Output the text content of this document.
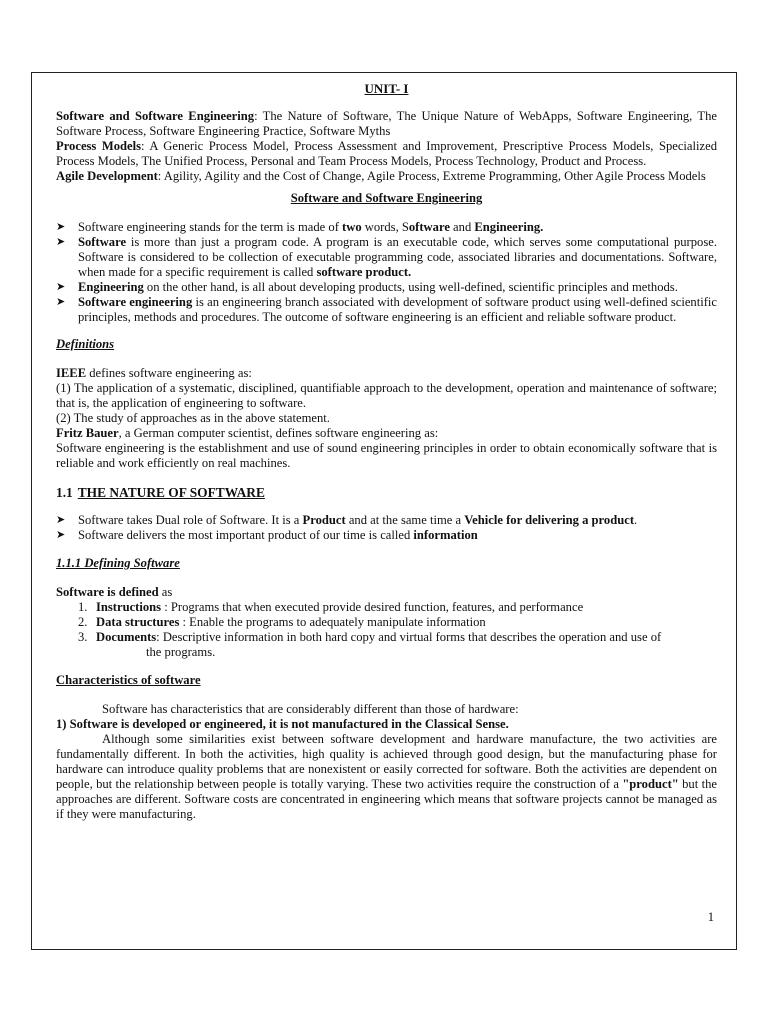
UNIT- I

Software and Software Engineering: The Nature of Software, The Unique Nature of WebApps, Software Engineering, The Software Process, Software Engineering Practice, Software Myths

Process Models: A Generic Process Model, Process Assessment and Improvement, Prescriptive Process Models, Specialized Process Models, The Unified Process, Personal and Team Process Models, Process Technology, Product and Process.

Agile Development: Agility, Agility and the Cost of Change, Agile Process, Extreme Programming, Other Agile Process Models

Software and Software Engineering

➤ Software engineering stands for the term is made of two words, Software and Engineering.
➤ Software is more than just a program code. A program is an executable code, which serves some computational purpose. Software is considered to be collection of executable programming code, associated libraries and documentations. Software, when made for a specific requirement is called software product.
➤ Engineering on the other hand, is all about developing products, using well-defined, scientific principles and methods.
➤ Software engineering is an engineering branch associated with development of software product using well-defined scientific principles, methods and procedures. The outcome of software engineering is an efficient and reliable software product.

Definitions

IEEE defines software engineering as:

(1) The application of a systematic, disciplined, quantifiable approach to the development, operation and maintenance of software; that is, the application of engineering to software.

(2) The study of approaches as in the above statement.

Fritz Bauer, a German computer scientist, defines software engineering as:

Software engineering is the establishment and use of sound engineering principles in order to obtain economically software that is reliable and work efficiently on real machines.

1.1 THE NATURE OF SOFTWARE

➤ Software takes Dual role of Software. It is a Product and at the same time a Vehicle for delivering a product.
➤ Software delivers the most important product of our time is called information

1.1.1 Defining Software

Software is defined as

1. Instructions : Programs that when executed provide desired function, features, and performance
2. Data structures : Enable the programs to adequately manipulate information
3. Documents: Descriptive information in both hard copy and virtual forms that describes the operation and use of
the programs.

Characteristics of software

Software has characteristics that are considerably different than those of hardware:

1) Software is developed or engineered, it is not manufactured in the Classical Sense.

Although some similarities exist between software development and hardware manufacture, the two activities are fundamentally different. In both the activities, high quality is achieved through good design, but the manufacturing phase for hardware can introduce quality problems that are nonexistent or easily corrected for software. Both the activities are dependent on people, but the relationship between people is totally varying. These two activities require the construction of a "product" but the approaches are different. Software costs are concentrated in engineering which means that software projects cannot be managed as if they were manufacturing.

1
